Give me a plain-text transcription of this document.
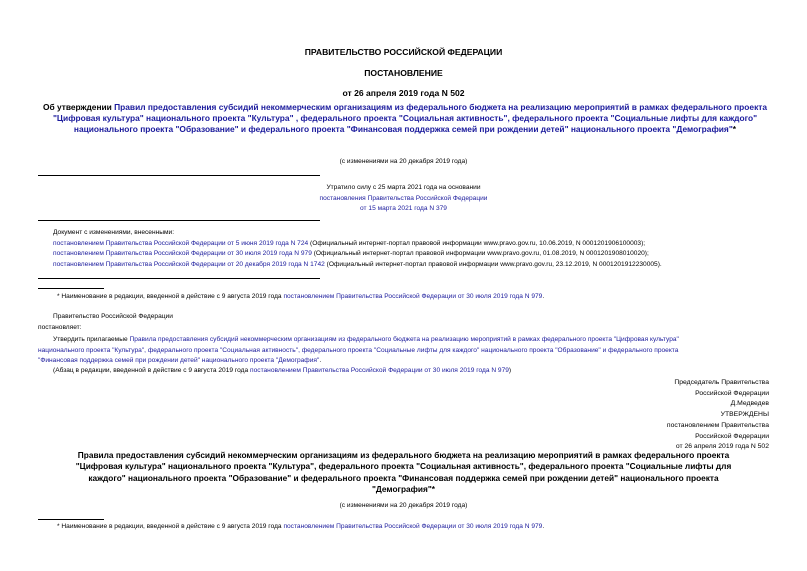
ПРАВИТЕЛЬСТВО РОССИЙСКОЙ ФЕДЕРАЦИИ
ПОСТАНОВЛЕНИЕ
от 26 апреля 2019 года N 502
Об утверждении Правил предоставления субсидий некоммерческим организациям из федерального бюджета на реализацию мероприятий в рамках федерального проекта "Цифровая культура" национального проекта "Культура" , федерального проекта "Социальная активность", федерального проекта "Социальные лифты для каждого" национального проекта "Образование" и федерального проекта "Финансовая поддержка семей при рождении детей" национального проекта "Демография"*
(с изменениями на 20 декабря 2019 года)
Утратило силу с 25 марта 2021 года на основании
постановления Правительства Российской Федерации
от 15 марта 2021 года N 379
Документ с изменениями, внесенными:
постановлением Правительства Российской Федерации от 5 июня 2019 года N 724 (Официальный интернет-портал правовой информации www.pravo.gov.ru, 10.06.2019, N 0001201906100003);
постановлением Правительства Российской Федерации от 30 июля 2019 года N 979 (Официальный интернет-портал правовой информации www.pravo.gov.ru, 01.08.2019, N 0001201908010020);
постановлением Правительства Российской Федерации от 20 декабря 2019 года N 1742 (Официальный интернет-портал правовой информации www.pravo.gov.ru, 23.12.2019, N 0001201912230005).
* Наименование в редакции, введенной в действие с 9 августа 2019 года постановлением Правительства Российской Федерации от 30 июля 2019 года N 979.
Правительство Российской Федерации
постановляет:
Утвердить прилагаемые Правила предоставления субсидий некоммерческим организациям из федерального бюджета на реализацию мероприятий в рамках федерального проекта "Цифровая культура"
национального проекта "Культура", федерального проекта "Социальная активность", федерального проекта "Социальные лифты для каждого" национального проекта "Образование" и федерального проекта
"Финансовая поддержка семей при рождении детей" национального проекта "Демография".
(Абзац в редакции, введенной в действие с 9 августа 2019 года постановлением Правительства Российской Федерации от 30 июля 2019 года N 979)
Председатель Правительства
Российской Федерации
Д.Медведев
УТВЕРЖДЕНЫ
постановлением Правительства
Российской Федерации
от 26 апреля 2019 года N 502
Правила предоставления субсидий некоммерческим организациям из федерального бюджета на реализацию мероприятий в рамках федерального проекта
"Цифровая культура" национального проекта "Культура", федерального проекта "Социальная активность", федерального проекта "Социальные лифты для
каждого" национального проекта "Образование" и федерального проекта "Финансовая поддержка семей при рождении детей" национального проекта
"Демография"*
(с изменениями на 20 декабря 2019 года)
* Наименование в редакции, введенной в действие с 9 августа 2019 года постановлением Правительства Российской Федерации от 30 июля 2019 года N 979.
